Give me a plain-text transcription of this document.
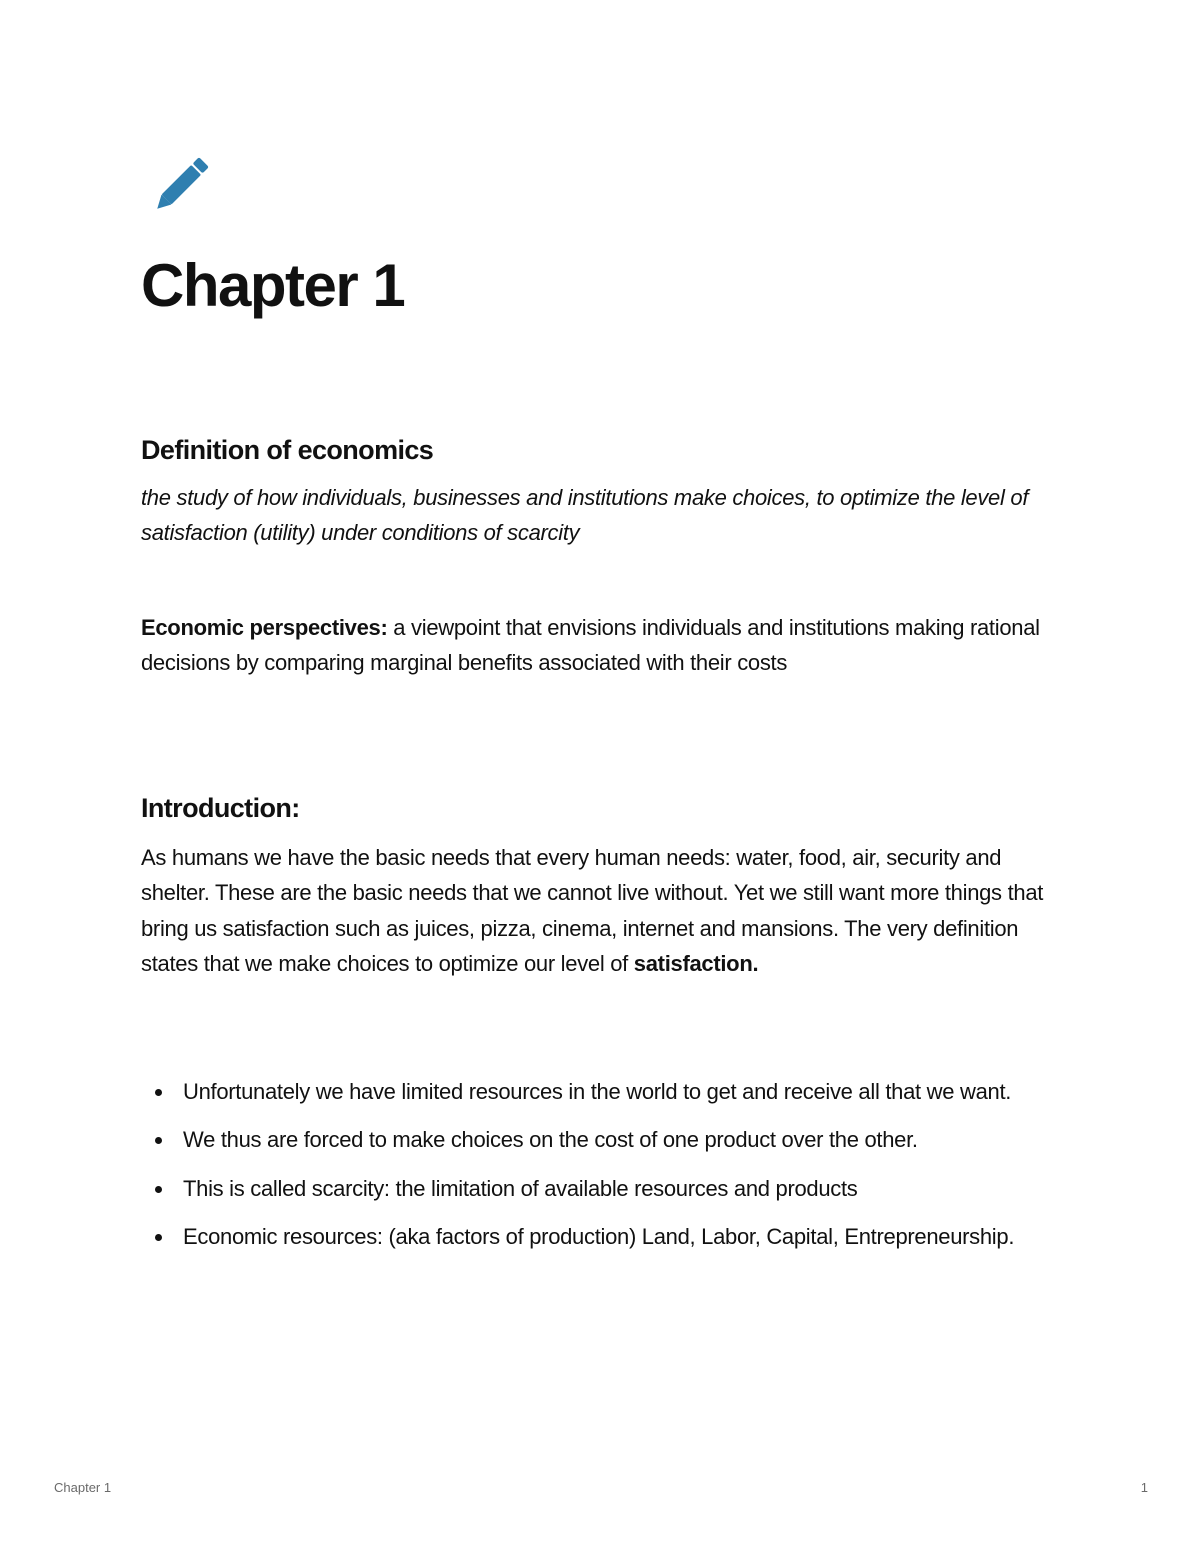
Chapter 1
Definition of economics

the study of how individuals, businesses and institutions make choices, to optimize the level of satisfaction (utility) under conditions of scarcity

Economic perspectives: a viewpoint that envisions individuals and institutions making rational decisions by comparing marginal benefits associated with their costs

Introduction:

As humans we have the basic needs that every human needs: water, food, air, security and shelter. These are the basic needs that we cannot live without. Yet we still want more things that bring us satisfaction such as juices, pizza, cinema, internet and mansions. The very definition states that we make choices to optimize our level of satisfaction.

Unfortunately we have limited resources in the world to get and receive all that we want.
We thus are forced to make choices on the cost of one product over the other.
This is called scarcity: the limitation of available resources and products
Economic resources: (aka factors of production) Land, Labor, Capital, Entrepreneurship.
Chapter 1	1
